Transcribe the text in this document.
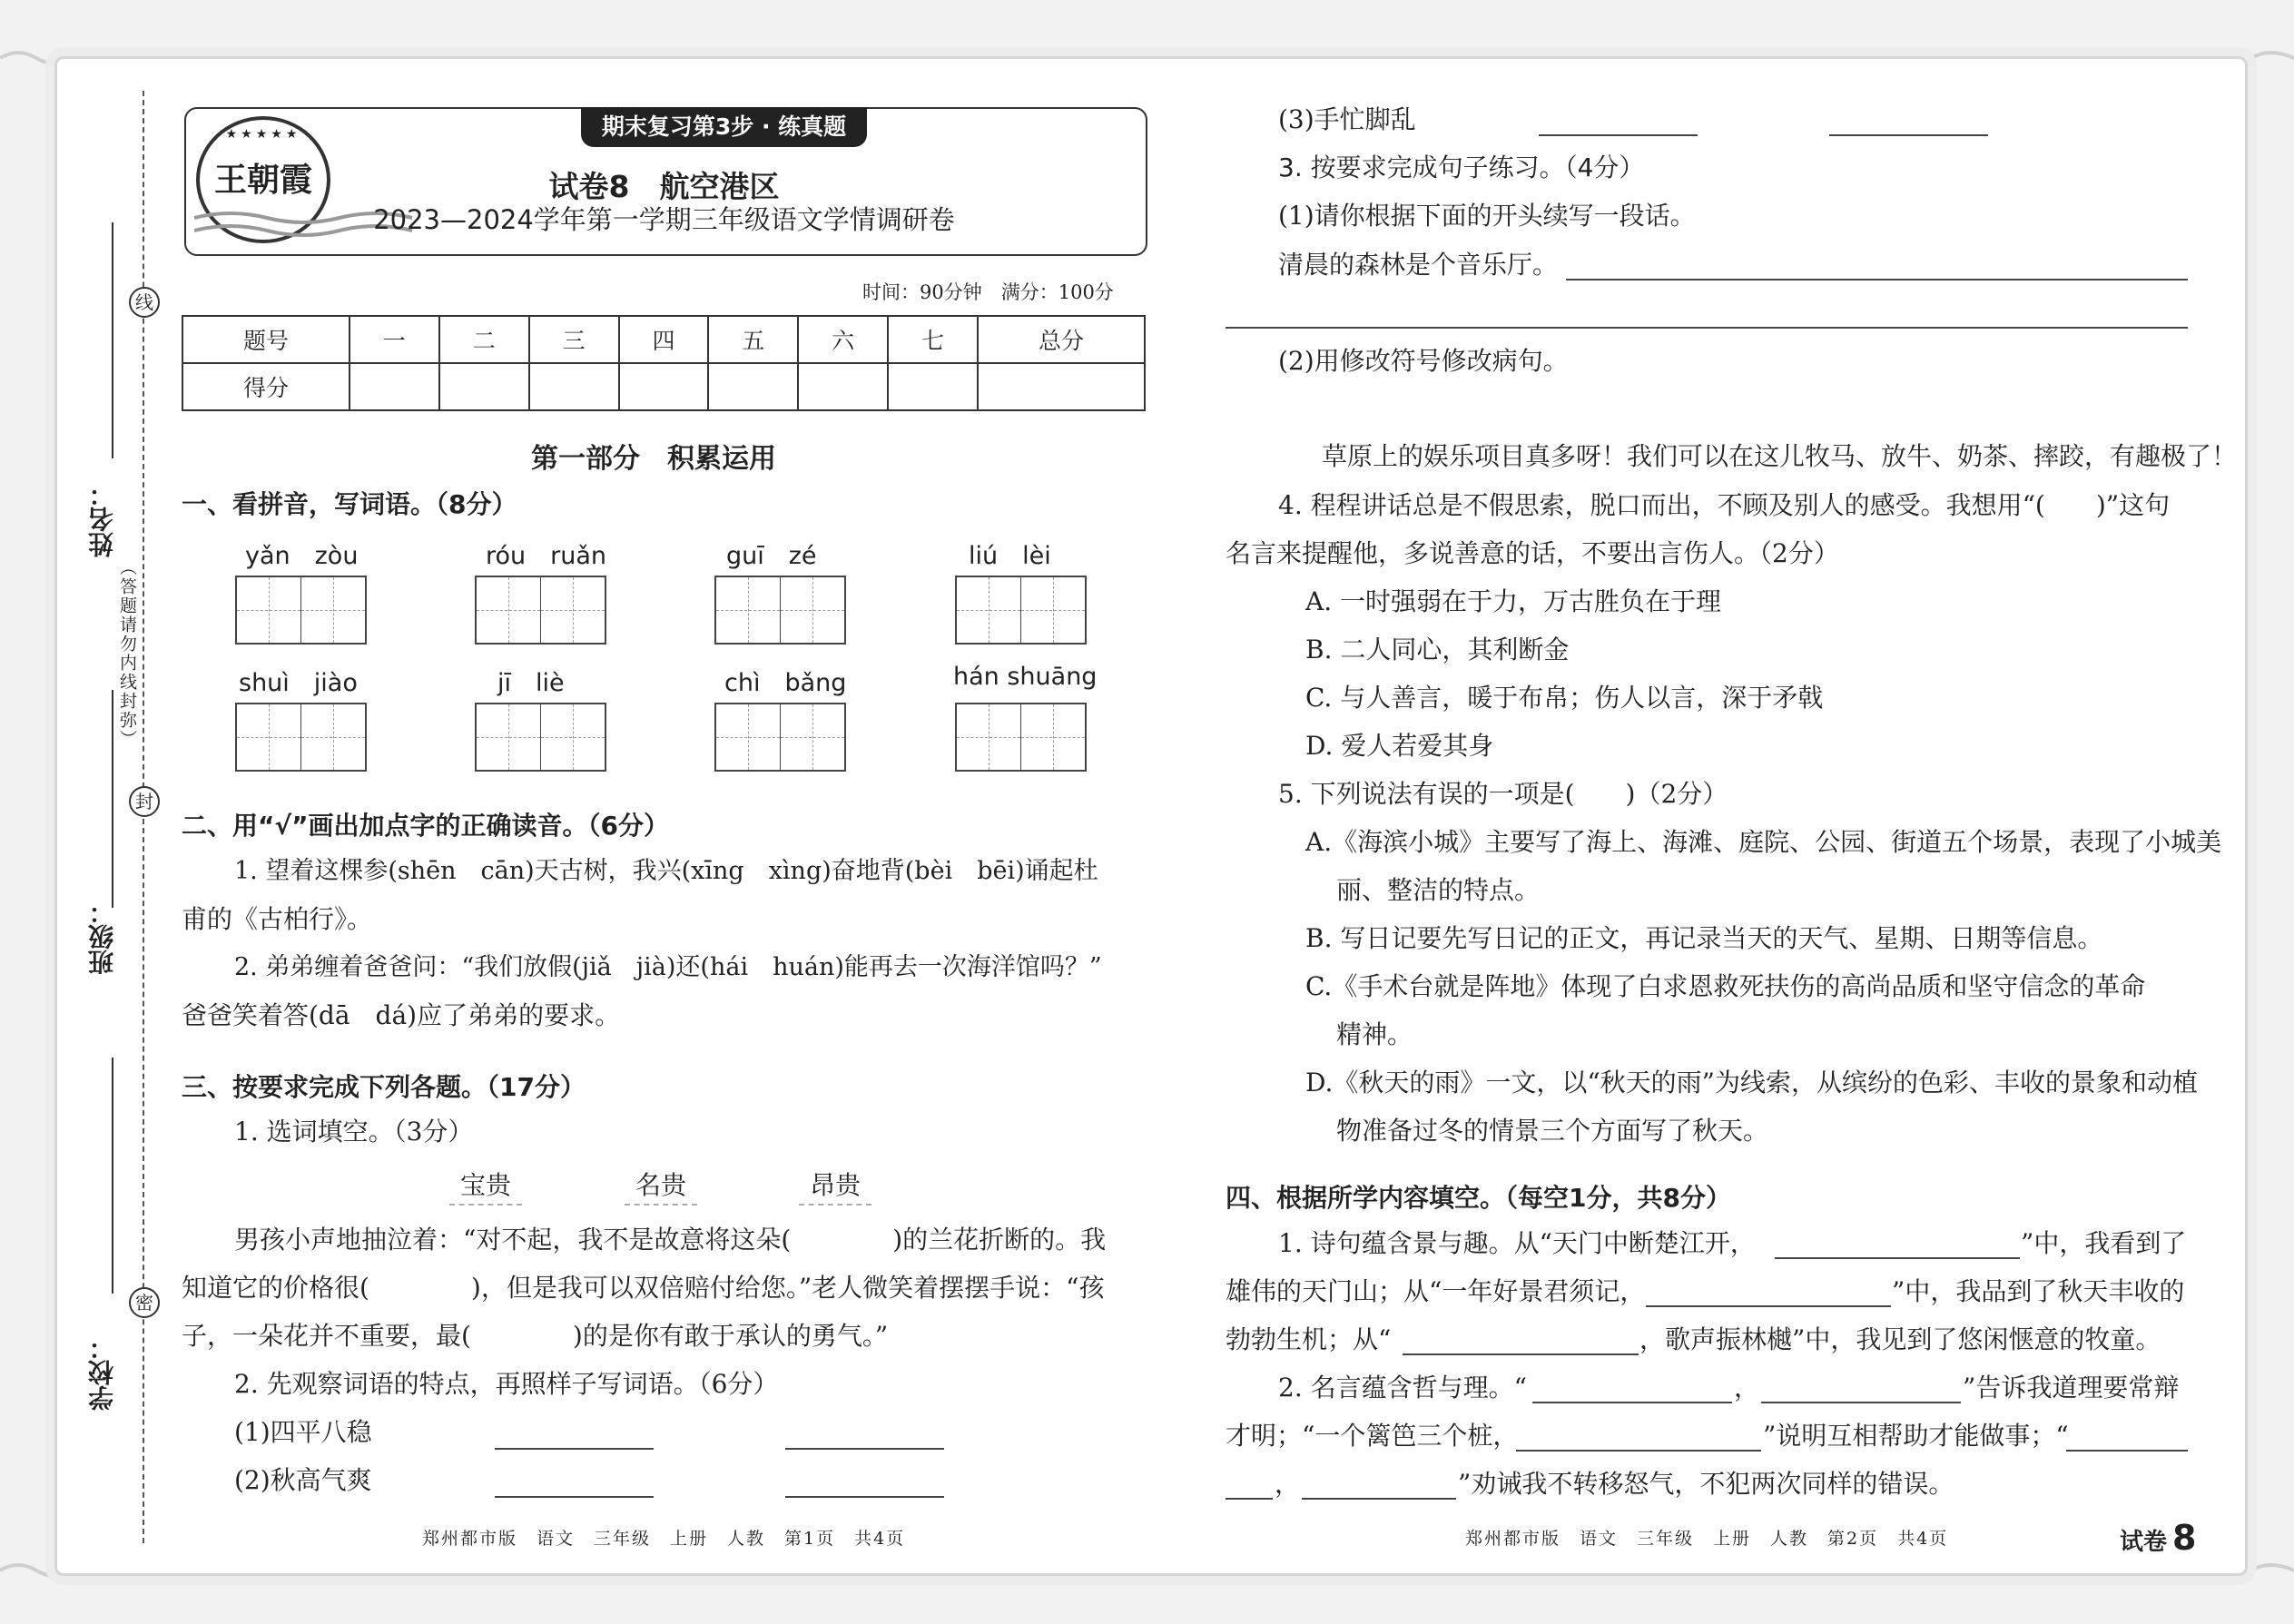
线
封
密
（答题请勿内线封弥）
姓名：
班级：
学校：
期末复习第3步 · 练真题
★★★★★
王朝霞	试卷8　航空港区
2023—2024学年第一学期三年级语文学情调研卷
时间：90分钟　满分：100分
题号	一	二	三	四	五	六	七	总分
得分								
第一部分　积累运用
一、看拼音，写词语。（8分）
yǎn　zòu	róu　ruǎn	guī　zé	liú　lèi
shuì　jiào	jī　liè	chì　bǎng	hán shuāng
二、用“√”画出加点字的正确读音。（6分）
1. 望着这棵参(shēn　cān)天古树，我兴(xīng　xìng)奋地背(bèi　bēi)诵起杜
甫的《古柏行》。
2. 弟弟缠着爸爸问：“我们放假(jiǎ　jià)还(hái　huán)能再去一次海洋馆吗？”
爸爸笑着答(dā　dá)应了弟弟的要求。
三、按要求完成下列各题。（17分）
1. 选词填空。（3分）
宝贵	名贵	昂贵
男孩小声地抽泣着：“对不起，我不是故意将这朵(　　　　)的兰花折断的。我
知道它的价格很(　　　　)，但是我可以双倍赔付给您。”老人微笑着摆摆手说：“孩
子，一朵花并不重要，最(　　　　)的是你有敢于承认的勇气。”
2. 先观察词语的特点，再照样子写词语。（6分）
(1)四平八稳
(2)秋高气爽
郑州都市版　语文　三年级　上册　人教　第1页　共4页
(3)手忙脚乱
3. 按要求完成句子练习。（4分）
(1)请你根据下面的开头续写一段话。
清晨的森林是个音乐厅。
(2)用修改符号修改病句。
草原上的娱乐项目真多呀！我们可以在这儿牧马、放牛、奶茶、摔跤，有趣极了！
4. 程程讲话总是不假思索，脱口而出，不顾及别人的感受。我想用“(　　)”这句
名言来提醒他，多说善意的话，不要出言伤人。（2分）
A. 一时强弱在于力，万古胜负在于理
B. 二人同心，其利断金
C. 与人善言，暖于布帛；伤人以言，深于矛戟
D. 爱人若爱其身
5. 下列说法有误的一项是(　　)（2分）
A.《海滨小城》主要写了海上、海滩、庭院、公园、街道五个场景，表现了小城美
丽、整洁的特点。
B. 写日记要先写日记的正文，再记录当天的天气、星期、日期等信息。
C.《手术台就是阵地》体现了白求恩救死扶伤的高尚品质和坚守信念的革命
精神。
D.《秋天的雨》一文，以“秋天的雨”为线索，从缤纷的色彩、丰收的景象和动植
物准备过冬的情景三个方面写了秋天。
四、根据所学内容填空。（每空1分，共8分）
1. 诗句蕴含景与趣。从“天门中断楚江开，	”中，我看到了
雄伟的天门山；从“一年好景君须记，	”中，我品到了秋天丰收的
勃勃生机；从“	，歌声振林樾”中，我见到了悠闲惬意的牧童。
2. 名言蕴含哲与理。“	，	”告诉我道理要常辩
才明；“一个篱笆三个桩，	”说明互相帮助才能做事；“
，	”劝诫我不转移怒气，不犯两次同样的错误。
郑州都市版　语文　三年级　上册　人教　第2页　共4页	试卷 8
